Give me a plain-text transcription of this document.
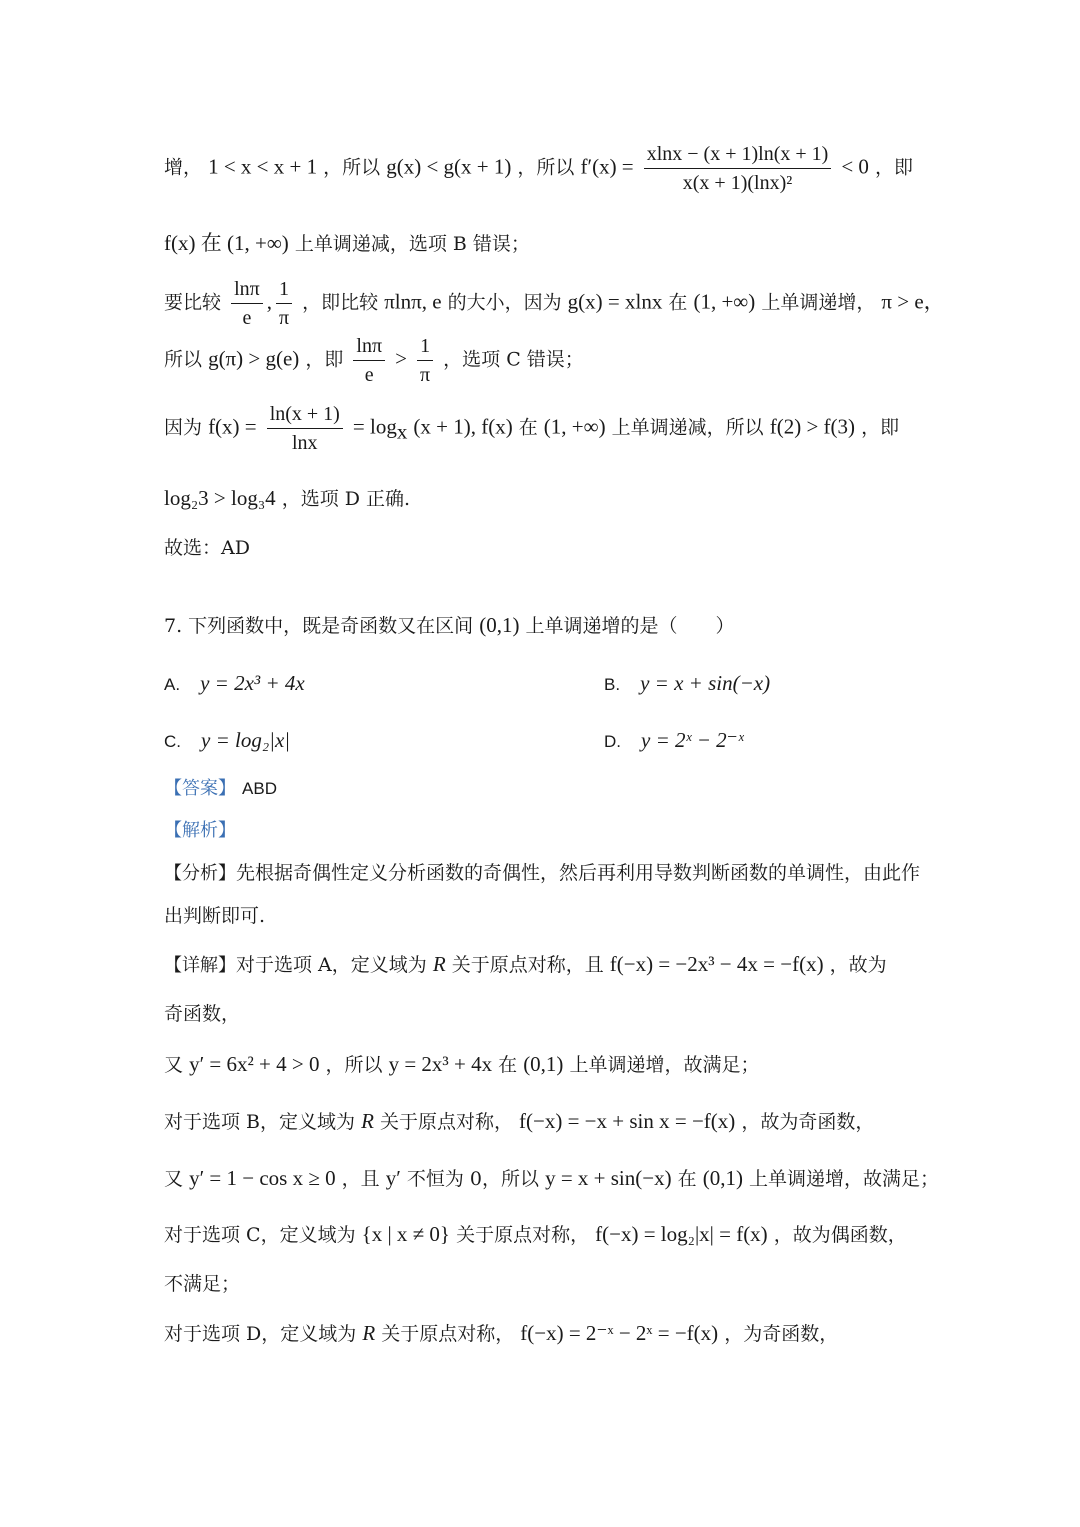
增， 1 < x < x + 1 ，所以 g(x) < g(x + 1) ，所以 $f'(x) = \frac{xlnx - (x + 1)\ln(x + 1)}{\text{x(x + 1)(lnx)²}} < 0$ ，即
f(x) 在 (1, +∞) 上单调递减，选项 B 错误；
要比较 $\frac{\ln\pi}{e}$ , $\frac{1}{\pi}$ ，即比较 πlnπ, e 的大小，因为 g(x) = xlnx 在 (1, +∞) 上单调递增， π > e，
所以 g(π) > g(e) ，即 $\frac{\ln\pi}{e} > \frac{1}{\pi}$ ，选项 C 错误；
因为 $f(x) = \frac{\ln(x + 1)}{\ln x} = \log_x (x + 1)$, f(x) 在 (1, +∞) 上单调递减，所以 f(2) > f(3) ，即
log₂3 > log₃4 ，选项 D 正确.
故选：AD
7. 下列函数中，既是奇函数又在区间 (0,1) 上单调递增的是（　　）
A. y = 2x³ + 4x	B. y = x + sin(−x)
C. y = log₂|x|	D. y = 2ˣ − 2⁻ˣ
【答案】 ABD
【解析】
【分析】先根据奇偶性定义分析函数的奇偶性，然后再利用导数判断函数的单调性，由此作
出判断即可.
【详解】对于选项 A，定义域为 R 关于原点对称，且 f(−x) = −2x³ − 4x = −f(x) ，故为
奇函数，
又 y′ = 6x² + 4 > 0 ，所以 y = 2x³ + 4x 在 (0,1) 上单调递增，故满足；
对于选项 B，定义域为 R 关于原点对称， f(−x) = −x + sin x = −f(x) ，故为奇函数，
又 y′ = 1 − cos x ≥ 0 ，且 y′ 不恒为 0，所以 y = x + sin(−x) 在 (0,1) 上单调递增，故满足；
对于选项 C，定义域为 {x | x ≠ 0} 关于原点对称， f(−x) = log₂|x| = f(x) ，故为偶函数，
不满足；
对于选项 D，定义域为 R 关于原点对称， f(−x) = 2⁻ˣ − 2ˣ = −f(x) ，为奇函数，
